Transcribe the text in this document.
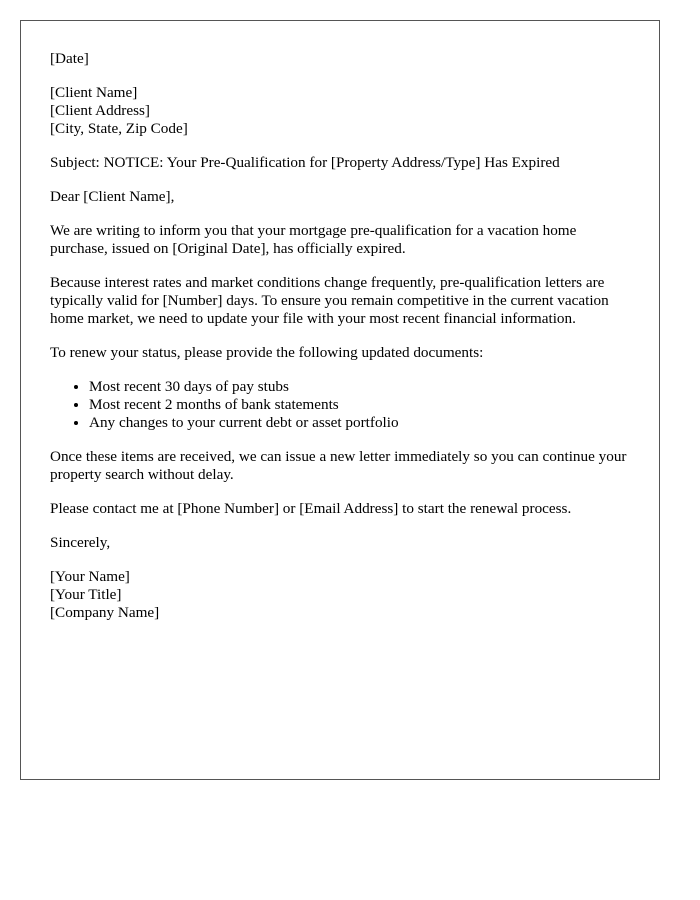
[Date]
[Client Name]
[Client Address]
[City, State, Zip Code]

Subject: NOTICE: Your Pre-Qualification for [Property Address/Type] Has Expired

Dear [Client Name],

We are writing to inform you that your mortgage pre-qualification for a vacation home purchase, issued on [Original Date], has officially expired.

Because interest rates and market conditions change frequently, pre-qualification letters are typically valid for [Number] days. To ensure you remain competitive in the current vacation home market, we need to update your file with your most recent financial information.

To renew your status, please provide the following updated documents:

• Most recent 30 days of pay stubs
• Most recent 2 months of bank statements
• Any changes to your current debt or asset portfolio

Once these items are received, we can issue a new letter immediately so you can continue your property search without delay.

Please contact me at [Phone Number] or [Email Address] to start the renewal process.

Sincerely,

[Your Name]
[Your Title]
[Company Name]
